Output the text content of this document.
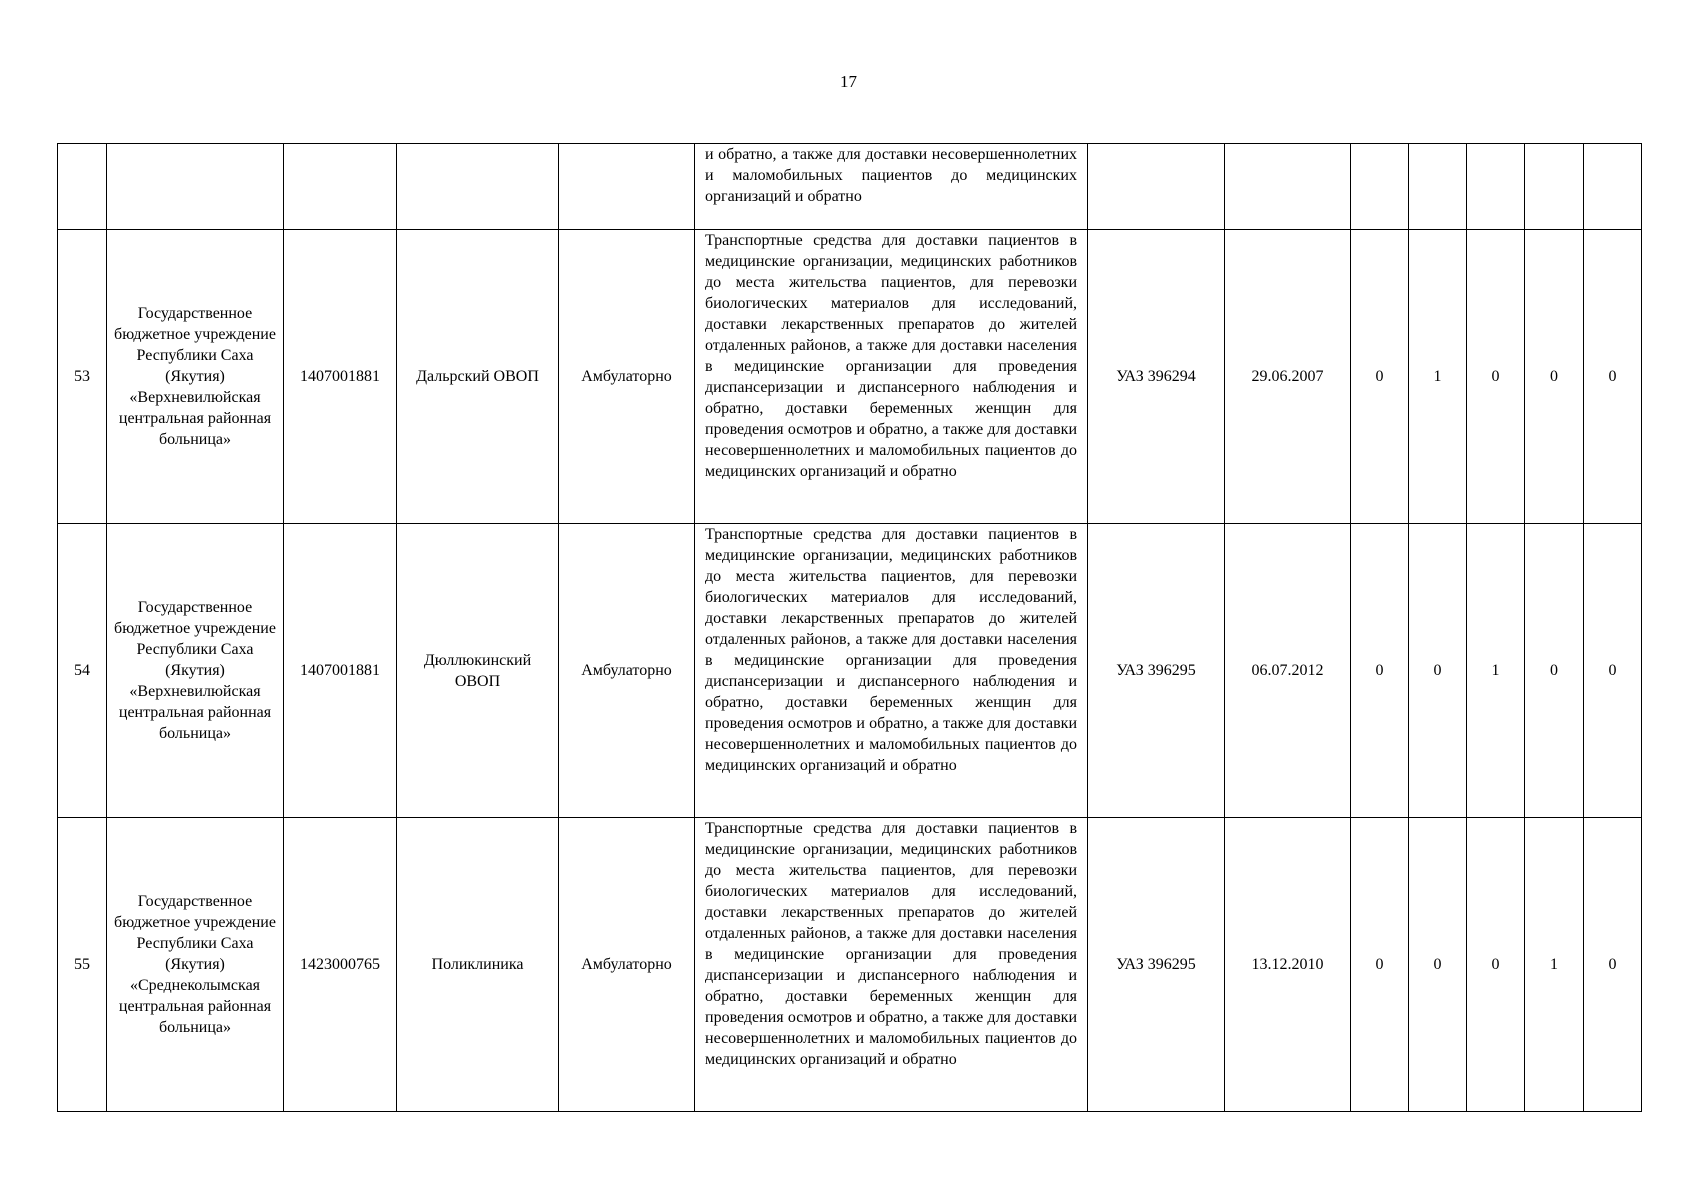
17
					и обратно, а также для доставки несовершеннолетних и маломобильных пациентов до медицинских организаций и обратно							
53	Государственное бюджетное учреждение Республики Саха (Якутия) «Верхневилюйская центральная районная больница»	1407001881	Дальрский ОВОП	Амбулаторно	Транспортные средства для доставки пациентов в медицинские организации, медицинских работников до места жительства пациентов, для перевозки биологических материалов для исследований, доставки лекарственных препаратов до жителей отдаленных районов, а также для доставки населения в медицинские организации для проведения диспансеризации и диспансерного наблюдения и обратно, доставки беременных женщин для проведения осмотров и обратно, а также для доставки несовершеннолетних и маломобильных пациентов до медицинских организаций и обратно	УАЗ 396294	29.06.2007	0	1	0	0	0
54	Государственное бюджетное учреждение Республики Саха (Якутия) «Верхневилюйская центральная районная больница»	1407001881	Дюллюкинский ОВОП	Амбулаторно	Транспортные средства для доставки пациентов в медицинские организации, медицинских работников до места жительства пациентов, для перевозки биологических материалов для исследований, доставки лекарственных препаратов до жителей отдаленных районов, а также для доставки населения в медицинские организации для проведения диспансеризации и диспансерного наблюдения и обратно, доставки беременных женщин для проведения осмотров и обратно, а также для доставки несовершеннолетних и маломобильных пациентов до медицинских организаций и обратно	УАЗ 396295	06.07.2012	0	0	1	0	0
55	Государственное бюджетное учреждение Республики Саха (Якутия) «Среднеколымская центральная районная больница»	1423000765	Поликлиника	Амбулаторно	Транспортные средства для доставки пациентов в медицинские организации, медицинских работников до места жительства пациентов, для перевозки биологических материалов для исследований, доставки лекарственных препаратов до жителей отдаленных районов, а также для доставки населения в медицинские организации для проведения диспансеризации и диспансерного наблюдения и обратно, доставки беременных женщин для проведения осмотров и обратно, а также для доставки несовершеннолетних и маломобильных пациентов до медицинских организаций и обратно	УАЗ 396295	13.12.2010	0	0	0	1	0
